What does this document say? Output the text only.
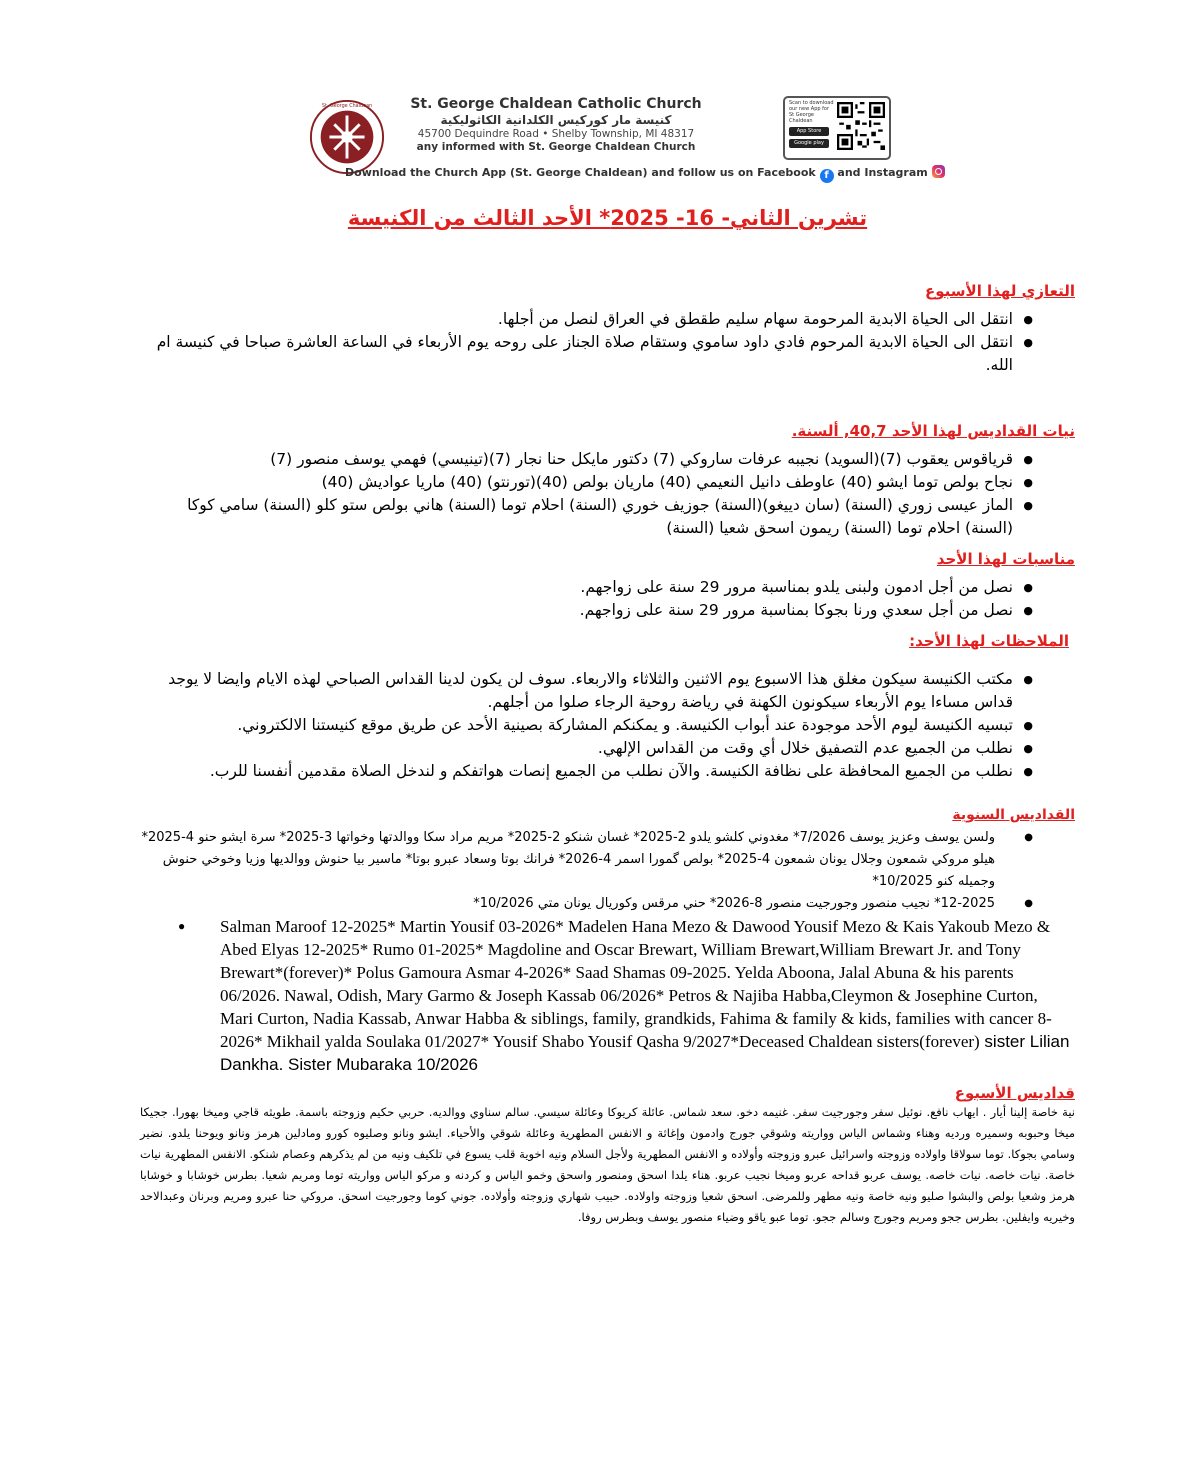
St. George Chaldean	St. George Chaldean Catholic Church
كنيسة مار كوركيس الكلدانية الكاثوليكية
45700 Dequindre Road • Shelby Township, MI 48317
any informed with St. George Chaldean Church
Scan to download our new App for St George Chaldean
App Store
Google play
Download the Church App (St. George Chaldean) and follow us on Facebook f and Instagram
تشرين الثاني- 16- 2025* الأحد الثالث من الكنيسة
التعازي لهذا الأسبوع
● انتقل الى الحياة الابدية المرحومة سهام سليم طقطق في العراق لنصل من أجلها.
● انتقل الى الحياة الابدية المرحوم فادي داود ساموي وستقام صلاة الجناز على روحه يوم الأربعاء في الساعة العاشرة صباحا في كنيسة ام الله.
نيات القداديس لهذا الأحد 40,7, ألسنة.
● قرياقوس يعقوب (7)(السويد) نجيبه عرفات ساروكي (7) دكتور مايكل حنا نجار (7)(تينيسي) فهمي يوسف منصور (7)
● نجاح بولص توما ايشو (40) عاوطف دانيل النعيمي (40) ماريان بولص (40)(تورنتو) (40) ماريا عواديش (40)
● الماز عيسى زوري (السنة) (سان دييغو)(السنة) جوزيف خوري (السنة) احلام توما (السنة) هاني بولص ستو كلو (السنة) سامي كوكا (السنة) احلام توما (السنة) ريمون اسحق شعيا (السنة)
مناسبات لهذا الأحد
● نصل من أجل ادمون ولبنى يلدو بمناسبة مرور 29 سنة على زواجهم.
● نصل من أجل سعدي ورنا بجوكا بمناسبة مرور 29 سنة على زواجهم.
الملاحظات لهذا الأحد:
● مكتب الكنيسة سيكون مغلق هذا الاسبوع يوم الاثنين والثلاثاء والاربعاء. سوف لن يكون لدينا القداس الصباحي لهذه الايام وايضا لا يوجد قداس مساءا يوم الأربعاء سيكونون الكهنة في رياضة روحية الرجاء صلوا من أجلهم.
● تبسيه الكنيسة ليوم الأحد موجودة عند أبواب الكنيسة. و يمكنكم المشاركة بصينية الأحد عن طريق موقع كنيستنا الالكتروني.
● نطلب من الجميع عدم التصفيق خلال أي وقت من القداس الإلهي.
● نطلب من الجميع المحافظة على نظافة الكنيسة. والآن نطلب من الجميع إنصات هواتفكم و لندخل الصلاة مقدمين أنفسنا للرب.
القداديس السنوية
● ولسن يوسف وعزيز يوسف 7/2026* مغدوني كلشو يلدو 2-2025* غسان شنكو 2-2025* مريم مراد سكا ووالدتها وخواتها 3-2025* سرة ايشو حنو 4-2025* هيلو مروكي شمعون وجلال يونان شمعون 4-2025* بولص گمورا اسمر 4-2026* فرانك بوتا وسعاد عبرو بوتا* ماسير بيا حنوش ووالديها وزيا وخوخي حنوش وجميله كنو 10/2025*
● 12-2025* نجيب منصور وجورجيت منصور 8-2026* حني مرقس وكوريال يونان متي 10/2026*
● Salman Maroof 12-2025* Martin Yousif 03-2026* Madelen Hana Mezo & Dawood Yousif Mezo & Kais Yakoub Mezo & Abed Elyas 12-2025* Rumo 01-2025* Magdoline and Oscar Brewart, William Brewart,William Brewart Jr. and Tony Brewart*(forever)* Polus Gamoura Asmar 4-2026* Saad Shamas 09-2025. Yelda Aboona, Jalal Abuna & his parents 06/2026. Nawal, Odish, Mary Garmo & Joseph Kassab 06/2026* Petros & Najiba Habba,Cleymon & Josephine Curton, Mari Curton, Nadia Kassab, Anwar Habba & siblings, family, grandkids, Fahima & family & kids, families with cancer 8-2026* Mikhail yalda Soulaka 01/2027* Yousif Shabo Yousif Qasha 9/2027*Deceased Chaldean sisters(forever) sister Lilian Dankha. Sister Mubaraka 10/2026
قداديس الأسبوع

نية خاصة إلينا أيار . ايهاب نافع. نوئيل سفر وجورجيت سفر. غنيمه دخو. سعد شماس. عائلة كريوكا وعائلة سيسي. سالم سناوي ووالديه. حربي حكيم وزوجته باسمة. طويثه قاجي وميخا بهورا. ججيكا ميخا وحبوبه وسميره ورديه وهناء وشماس الياس وواريته وشوقي جورج وادمون وإغاثة و الانفس المطهرية وعائلة شوقي والأحياء. ايشو ونانو وصليوه كورو ومادلين هرمز ونانو ويوحنا يلدو. نضير وسامي بجوكا. توما سولاقا واولاده وزوجته واسرائيل عبرو وزوجته وأولاده و الانفس المطهرية ولأجل السلام ونيه اخوية قلب يسوع في تلكيف ونيه من لم يذكرهم وعصام شنكو. الانفس المطهرية نيات خاصة. نيات خاصه. نيات خاصه. يوسف عربو قداحه عربو وميخا نجيب عربو. هناء يلدا اسحق ومنصور واسحق وخمو الياس و كردنه و مركو الياس وواريته توما ومريم شعيا. بطرس خوشابا و خوشابا هرمز وشعيا بولص والبشوا صليو ونيه خاصة ونيه مطهر وللمرضى. اسحق شعيا وزوجته واولاده. حبيب شهاري وزوجته وأولاده. جوني كوما وجورجيت اسحق. مروكي حنا عبرو ومريم وبرنان وعبدالاحد وخيريه وايفلين. بطرس ججو ومريم وجورج وسالم ججو. توما عبو ياقو وضياء منصور يوسف وبطرس روفا.
